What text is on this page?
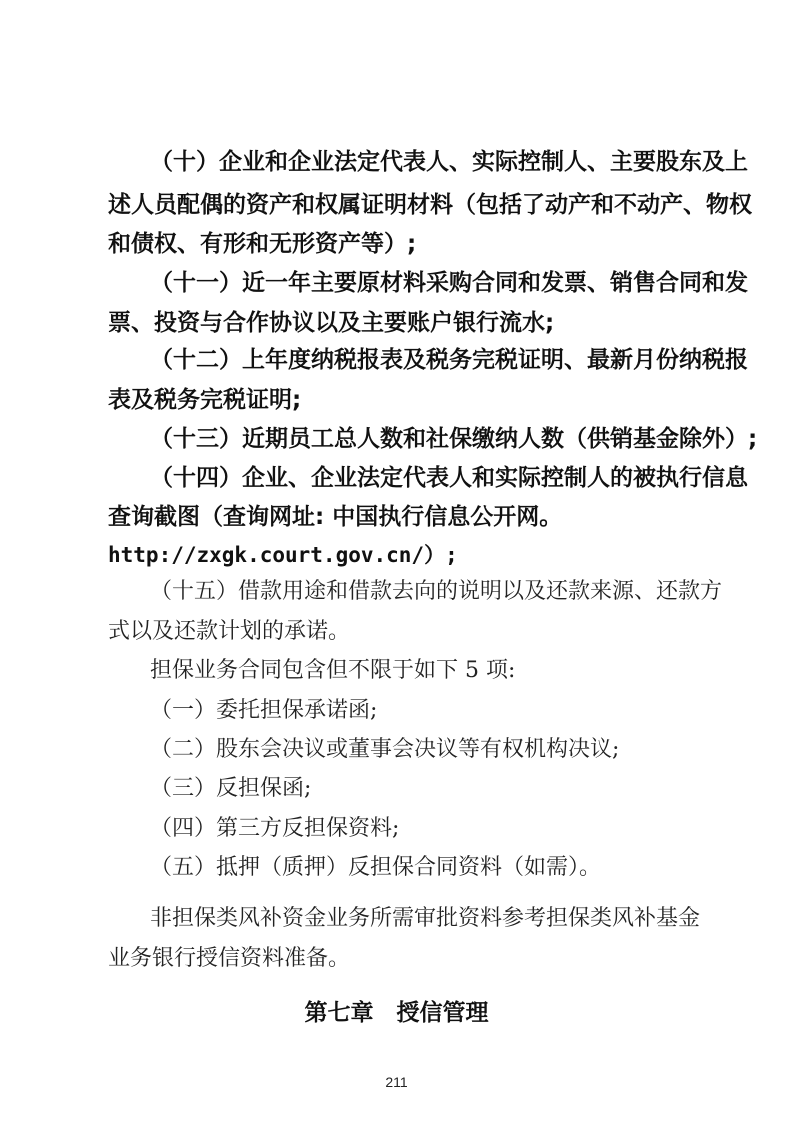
（十）企业和企业法定代表人、实际控制人、主要股东及上

述人员配偶的资产和权属证明材料（包括了动产和不动产、物权

和债权、有形和无形资产等）;

（十一）近一年主要原材料采购合同和发票、销售合同和发

票、投资与合作协议以及主要账户银行流水;

（十二）上年度纳税报表及税务完税证明、最新月份纳税报

表及税务完税证明;

（十三）近期员工总人数和社保缴纳人数（供销基金除外）;

（十四）企业、企业法定代表人和实际控制人的被执行信息

查询截图（查询网址: 中国执行信息公开网。

http://zxgk.court.gov.cn/）;

（十五）借款用途和借款去向的说明以及还款来源、还款方

式以及还款计划的承诺。

担保业务合同包含但不限于如下 5 项:

（一）委托担保承诺函;

（二）股东会决议或董事会决议等有权机构决议;

（三）反担保函;

（四）第三方反担保资料;

（五）抵押（质押）反担保合同资料（如需）。

非担保类风补资金业务所需审批资料参考担保类风补基金

业务银行授信资料准备。

第七章　授信管理

211
